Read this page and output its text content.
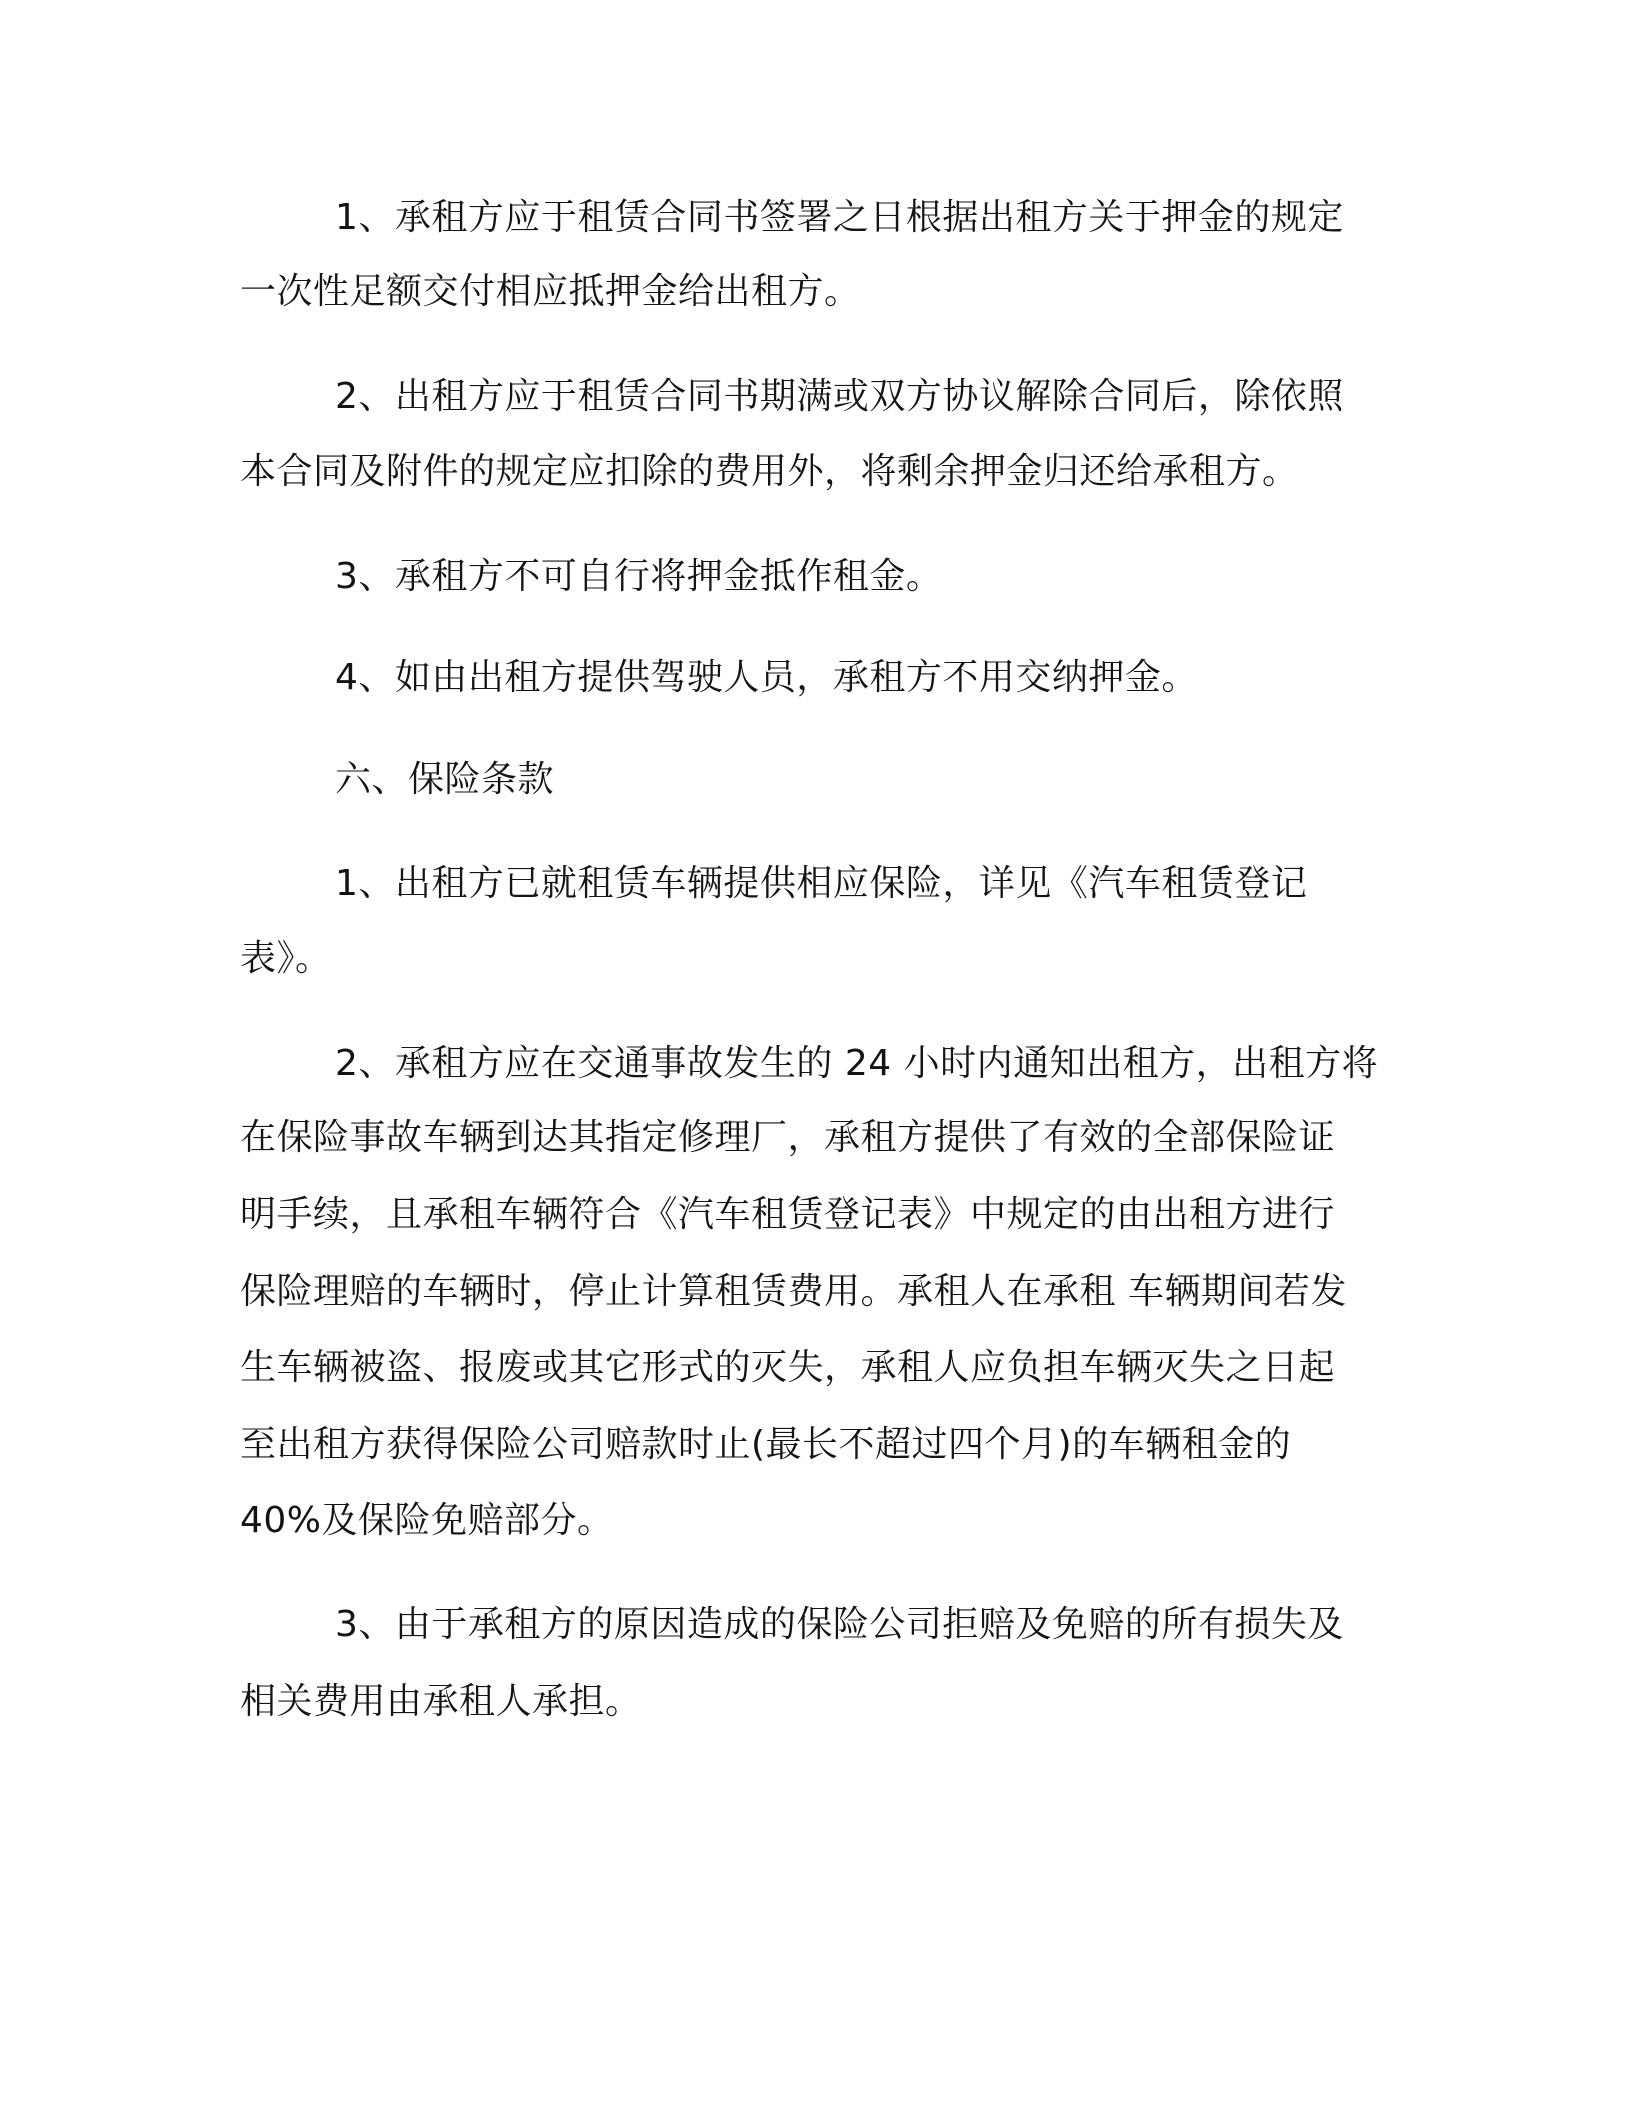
1、承租方应于租赁合同书签署之日根据出租方关于押金的规定
一次性足额交付相应抵押金给出租方。
2、出租方应于租赁合同书期满或双方协议解除合同后，除依照
本合同及附件的规定应扣除的费用外，将剩余押金归还给承租方。
3、承租方不可自行将押金抵作租金。
4、如由出租方提供驾驶人员，承租方不用交纳押金。
六、保险条款
1、出租方已就租赁车辆提供相应保险，详见《汽车租赁登记
表》。
2、承租方应在交通事故发生的 24 小时内通知出租方，出租方将
在保险事故车辆到达其指定修理厂，承租方提供了有效的全部保险证
明手续，且承租车辆符合《汽车租赁登记表》中规定的由出租方进行
保险理赔的车辆时，停止计算租赁费用。承租人在承租 车辆期间若发
生车辆被盗、报废或其它形式的灭失，承租人应负担车辆灭失之日起
至出租方获得保险公司赔款时止(最长不超过四个月)的车辆租金的
40%及保险免赔部分。
3、由于承租方的原因造成的保险公司拒赔及免赔的所有损失及
相关费用由承租人承担。
